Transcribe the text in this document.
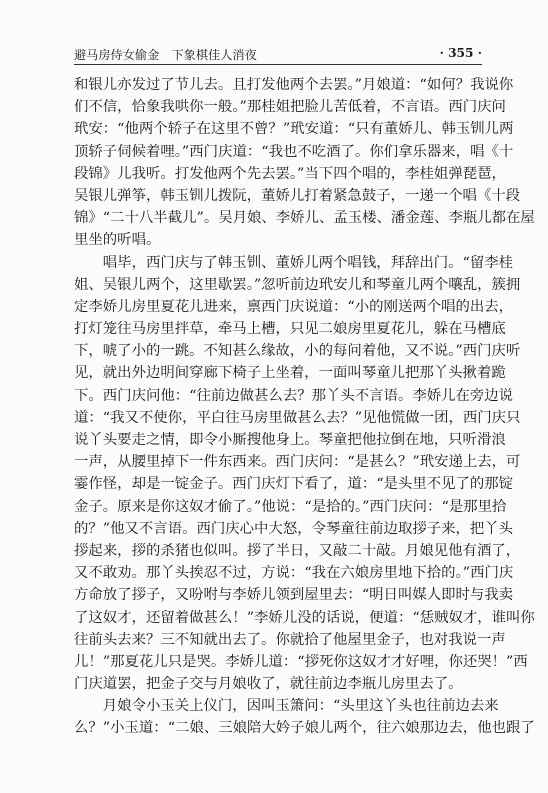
避马房侍女偷金　下象棋佳人消夜	· 355 ·
和银儿亦发过了节儿去。且打发他两个去罢。”月娘道：“如何？我说你
们不信，恰象我哄你一般。”那桂姐把脸儿苦低着，不言语。西门庆问
玳安：“他两个轿子在这里不曾？”玳安道：“只有董娇儿、韩玉钏儿两
顶轿子伺候着哩。”西门庆道：“我也不吃酒了。你们拿乐器来，唱《十
段锦》儿我听。打发他两个先去罢。”当下四个唱的，李桂姐弹琵琶，
吴银儿弹筝，韩玉钏儿拨阮，董娇儿打着紧急鼓子，一递一个唱《十段
锦》“二十八半截儿”。吴月娘、李娇儿、孟玉楼、潘金莲、李瓶儿都在屋
里坐的听唱。
　　唱毕，西门庆与了韩玉钏、董娇儿两个唱钱，拜辞出门。“留李桂
姐、吴银儿两个，这里歇罢。”忽听前边玳安儿和琴童儿两个嚷乱，簇拥
定李娇儿房里夏花儿进来，禀西门庆说道：“小的刚送两个唱的出去，
打灯笼往马房里拌草，牵马上槽，只见二娘房里夏花儿，躲在马槽底
下，唬了小的一跳。不知甚么缘故，小的每问着他，又不说。”西门庆听
见，就出外边明间穿廊下椅子上坐着，一面叫琴童儿把那丫头揪着跪
下。西门庆问他：“往前边做甚么去？那丫头不言语。李娇儿在旁边说
道：“我又不使你，平白往马房里做甚么去？”见他慌做一团，西门庆只
说丫头要走之情，即令小厮搜他身上。琴童把他拉倒在地，只听滑浪
一声，从腰里掉下一件东西来。西门庆问：“是甚么？”玳安递上去，可
霎作怪，却是一锭金子。西门庆灯下看了，道：“是头里不见了的那锭
金子。原来是你这奴才偷了。”他说：“是拾的。”西门庆问：“是那里拾
的？”他又不言语。西门庆心中大怒，令琴童往前边取拶子来，把丫头
拶起来，拶的杀猪也似叫。拶了半日，又敲二十敲。月娘见他有酒了，
又不敢劝。那丫头挨忍不过，方说：“我在六娘房里地下拾的。”西门庆
方命放了拶子，又吩咐与李娇儿领到屋里去：“明日叫媒人即时与我卖
了这奴才，还留着做甚么！”李娇儿没的话说，便道：“恁贼奴才，谁叫你
往前头去来？三不知就出去了。你就拾了他屋里金子，也对我说一声
儿！”那夏花儿只是哭。李娇儿道：“拶死你这奴才才好哩，你还哭！”西
门庆道罢，把金子交与月娘收了，就往前边李瓶儿房里去了。
　　月娘令小玉关上仪门，因叫玉箫问：“头里这丫头也往前边去来
么？”小玉道：“二娘、三娘陪大妗子娘儿两个，往六娘那边去，他也跟了
